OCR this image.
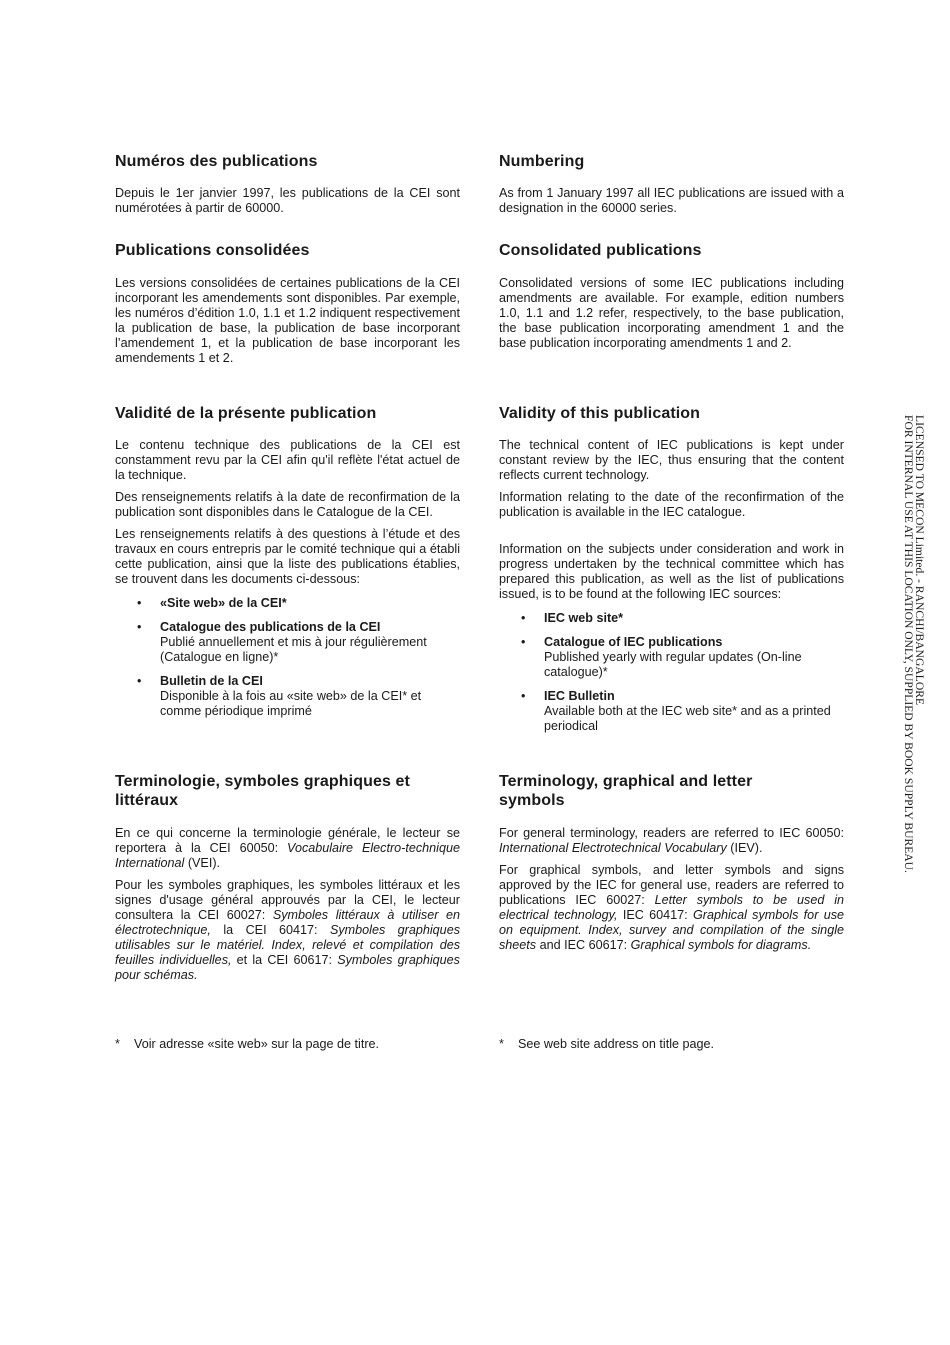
Numéros des publications

Depuis le 1er janvier 1997, les publications de la CEI sont numérotées à partir de 60000.

Publications consolidées

Les versions consolidées de certaines publications de la CEI incorporant les amendements sont disponibles. Par exemple, les numéros d’édition 1.0, 1.1 et 1.2 indiquent respectivement la publication de base, la publication de base incorporant l’amendement 1, et la publication de base incorporant les amendements 1 et 2.

Validité de la présente publication

Le contenu technique des publications de la CEI est constamment revu par la CEI afin qu'il reflète l'état actuel de la technique.

Des renseignements relatifs à la date de reconfirmation de la publication sont disponibles dans le Catalogue de la CEI.

Les renseignements relatifs à des questions à l’étude et des travaux en cours entrepris par le comité technique qui a établi cette publication, ainsi que la liste des publications établies, se trouvent dans les documents ci-dessous:

• «Site web» de la CEI*
• Catalogue des publications de la CEI
Publié annuellement et mis à jour régulièrement (Catalogue en ligne)*
• Bulletin de la CEI
Disponible à la fois au «site web» de la CEI* et comme périodique imprimé
Terminologie, symboles graphiques et littéraux

En ce qui concerne la terminologie générale, le lecteur se reportera à la CEI 60050: Vocabulaire Electro-technique International (VEI).

Pour les symboles graphiques, les symboles littéraux et les signes d'usage général approuvés par la CEI, le lecteur consultera la CEI 60027: Symboles littéraux à utiliser en électrotechnique, la CEI 60417: Symboles graphiques utilisables sur le matériel. Index, relevé et compilation des feuilles individuelles, et la CEI 60617: Symboles graphiques pour schémas.

* Voir adresse «site web» sur la page de titre.
Numbering

As from 1 January 1997 all IEC publications are issued with a designation in the 60000 series.

Consolidated publications

Consolidated versions of some IEC publications including amendments are available. For example, edition numbers 1.0, 1.1 and 1.2 refer, respectively, to the base publication, the base publication incorporating amendment 1 and the base publication incorporating amendments 1 and 2.

Validity of this publication

The technical content of IEC publications is kept under constant review by the IEC, thus ensuring that the content reflects current technology.

Information relating to the date of the reconfirmation of the publication is available in the IEC catalogue.

Information on the subjects under consideration and work in progress undertaken by the technical committee which has prepared this publication, as well as the list of publications issued, is to be found at the following IEC sources:

• IEC web site*
• Catalogue of IEC publications
Published yearly with regular updates (On-line catalogue)*
• IEC Bulletin
Available both at the IEC web site* and as a printed periodical
Terminology, graphical and letter symbols

For general terminology, readers are referred to IEC 60050: International Electrotechnical Vocabulary (IEV).

For graphical symbols, and letter symbols and signs approved by the IEC for general use, readers are referred to publications IEC 60027: Letter symbols to be used in electrical technology, IEC 60417: Graphical symbols for use on equipment. Index, survey and compilation of the single sheets and IEC 60617: Graphical symbols for diagrams.

* See web site address on title page.
LICENSED TO MECON Limited. - RANCHI/BANGALORE
FOR INTERNAL USE AT THIS LOCATION ONLY, SUPPLIED BY BOOK SUPPLY BUREAU.
